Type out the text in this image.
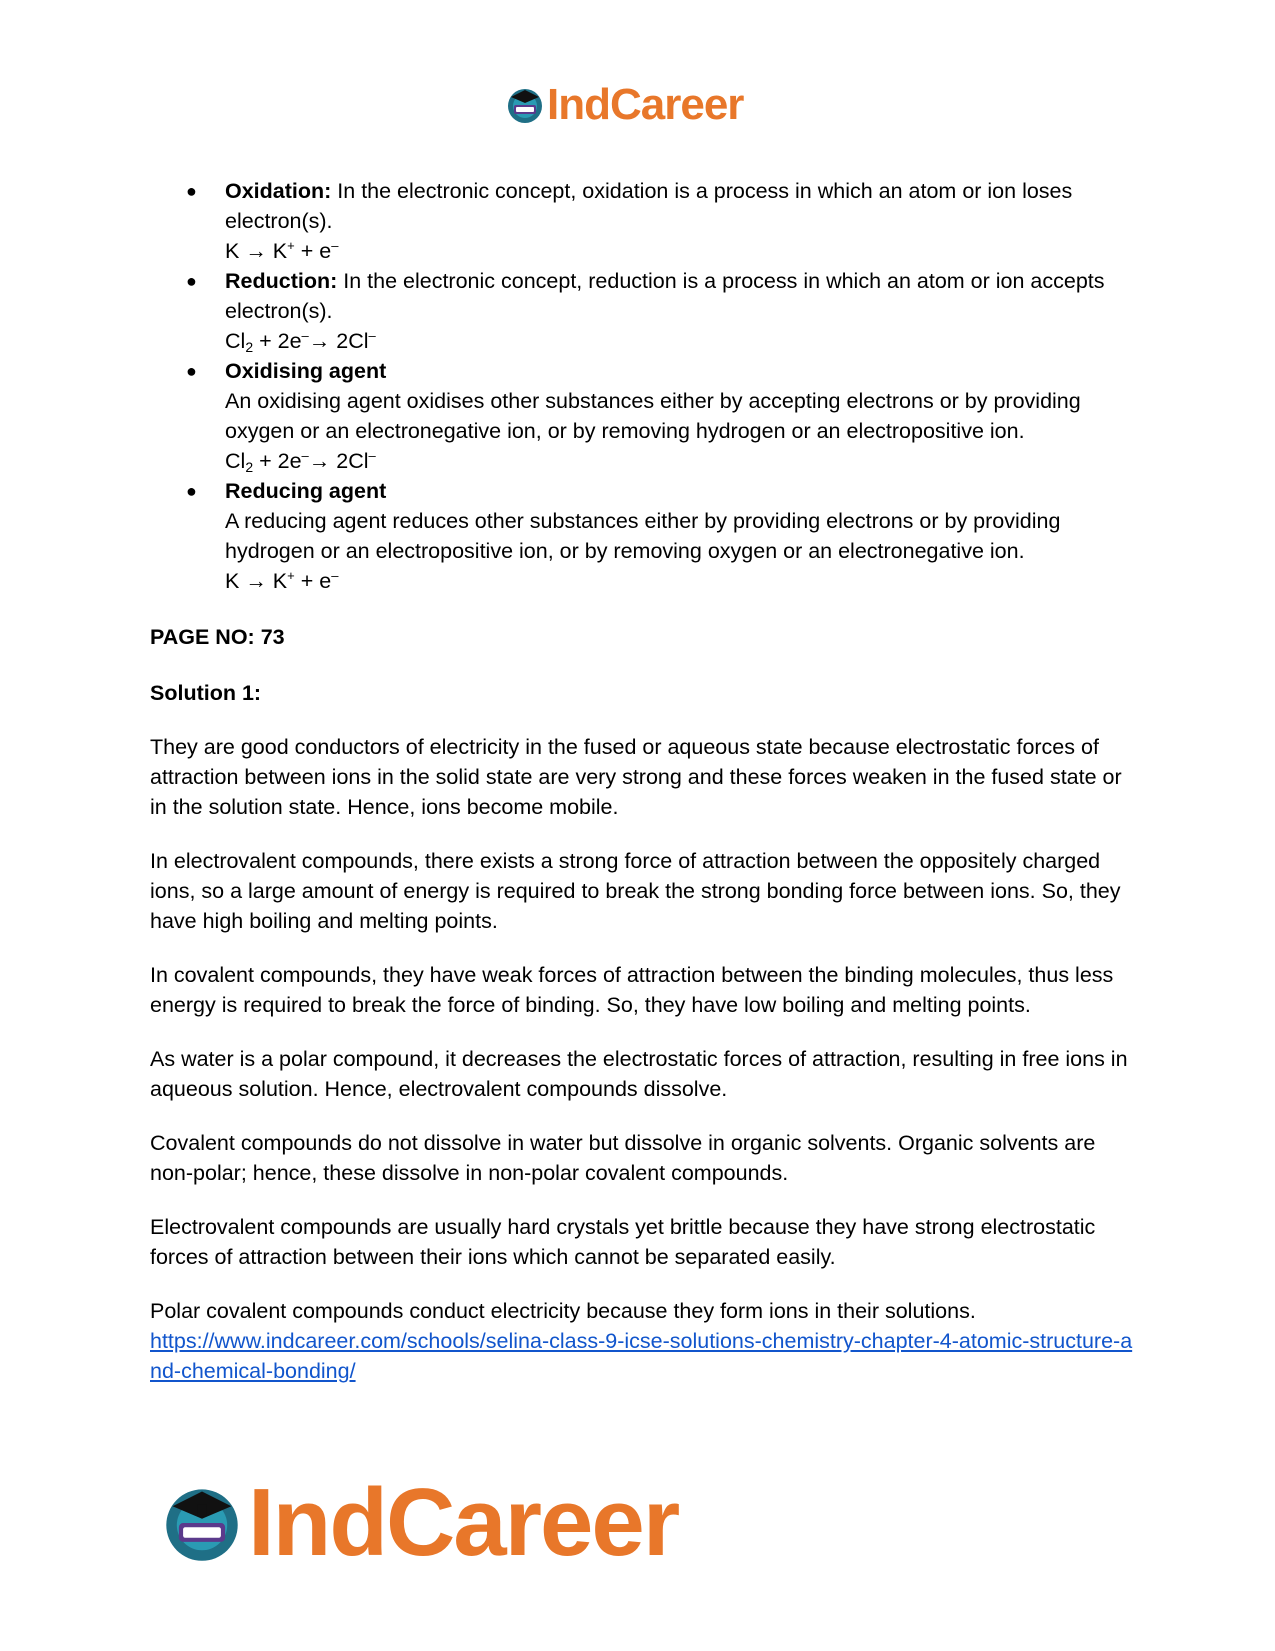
IndCareer
● Oxidation: In the electronic concept, oxidation is a process in which an atom or ion loses electron(s).
K → K+ + e–
● Reduction: In the electronic concept, reduction is a process in which an atom or ion accepts electron(s).
$Cl_2 + 2e^-\to 2Cl^-$
● Oxidising agent
An oxidising agent oxidises other substances either by accepting electrons or by providing oxygen or an electronegative ion, or by removing hydrogen or an electropositive ion.
$Cl_2 + 2e^-\to 2Cl^-$
● Reducing agent
A reducing agent reduces other substances either by providing electrons or by providing hydrogen or an electropositive ion, or by removing oxygen or an electronegative ion.
K → K+ + e–

PAGE NO: 73

Solution 1:

They are good conductors of electricity in the fused or aqueous state because electrostatic forces of attraction between ions in the solid state are very strong and these forces weaken in the fused state or in the solution state. Hence, ions become mobile.

In electrovalent compounds, there exists a strong force of attraction between the oppositely charged ions, so a large amount of energy is required to break the strong bonding force between ions. So, they have high boiling and melting points.

In covalent compounds, they have weak forces of attraction between the binding molecules, thus less energy is required to break the force of binding. So, they have low boiling and melting points.

As water is a polar compound, it decreases the electrostatic forces of attraction, resulting in free ions in aqueous solution. Hence, electrovalent compounds dissolve.

Covalent compounds do not dissolve in water but dissolve in organic solvents. Organic solvents are non-polar; hence, these dissolve in non-polar covalent compounds.

Electrovalent compounds are usually hard crystals yet brittle because they have strong electrostatic forces of attraction between their ions which cannot be separated easily.

Polar covalent compounds conduct electricity because they form ions in their solutions.
https://www.indcareer.com/schools/selina-class-9-icse-solutions-chemistry-chapter-4-atomic-structure-and-chemical-bonding/

IndCareer
